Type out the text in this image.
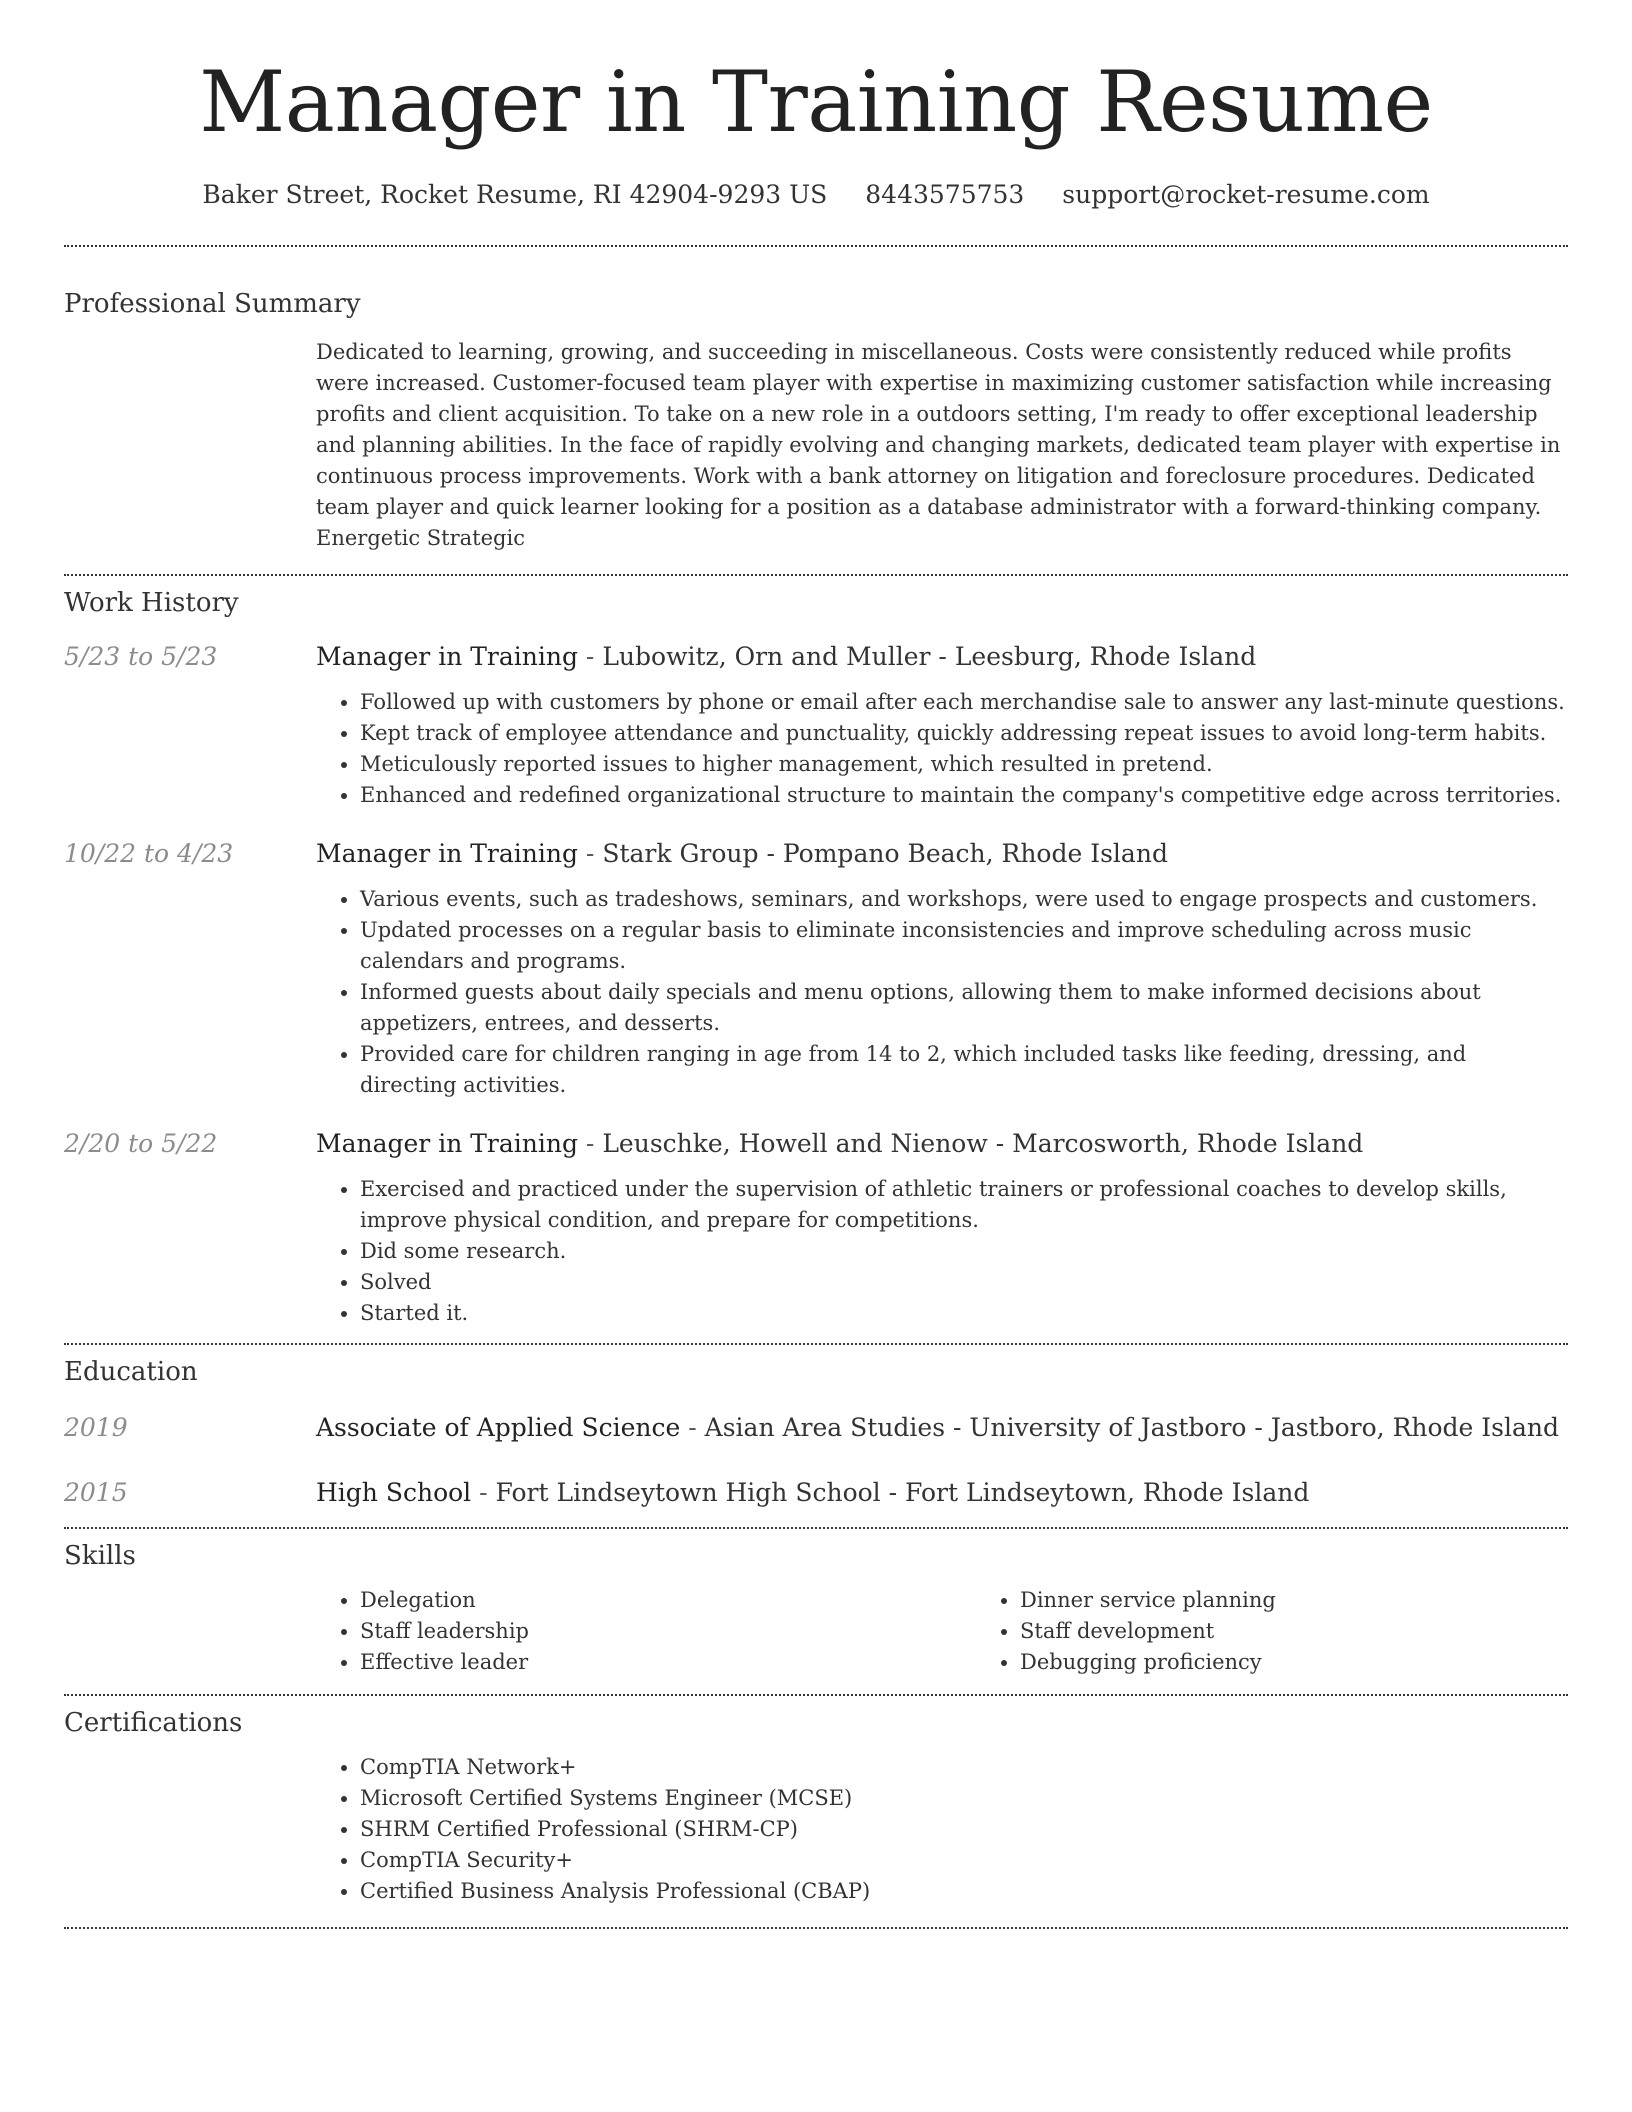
Manager in Training Resume
Baker Street, Rocket Resume, RI 42904-9293 US 8443575753 support@rocket-resume.com
Professional Summary

Dedicated to learning, growing, and succeeding in miscellaneous. Costs were consistently reduced while profits were increased. Customer-focused team player with expertise in maximizing customer satisfaction while increasing profits and client acquisition. To take on a new role in a outdoors setting, I'm ready to offer exceptional leadership and planning abilities. In the face of rapidly evolving and changing markets, dedicated team player with expertise in continuous process improvements. Work with a bank attorney on litigation and foreclosure procedures. Dedicated team player and quick learner looking for a position as a database administrator with a forward-thinking company. Energetic Strategic

Work History
5/23 to 5/23	Manager in Training - Lubowitz, Orn and Muller - Leesburg, Rhode Island
• Followed up with customers by phone or email after each merchandise sale to answer any last-minute questions.
• Kept track of employee attendance and punctuality, quickly addressing repeat issues to avoid long-term habits.
• Meticulously reported issues to higher management, which resulted in pretend.
• Enhanced and redefined organizational structure to maintain the company's competitive edge across territories.
10/22 to 4/23	Manager in Training - Stark Group - Pompano Beach, Rhode Island
• Various events, such as tradeshows, seminars, and workshops, were used to engage prospects and customers.
• Updated processes on a regular basis to eliminate inconsistencies and improve scheduling across music calendars and programs.
• Informed guests about daily specials and menu options, allowing them to make informed decisions about appetizers, entrees, and desserts.
• Provided care for children ranging in age from 14 to 2, which included tasks like feeding, dressing, and directing activities.
2/20 to 5/22	Manager in Training - Leuschke, Howell and Nienow - Marcosworth, Rhode Island
• Exercised and practiced under the supervision of athletic trainers or professional coaches to develop skills, improve physical condition, and prepare for competitions.
• Did some research.
• Solved
• Started it.
Education
2019	Associate of Applied Science - Asian Area Studies - University of Jastboro - Jastboro, Rhode Island
2015	High School - Fort Lindseytown High School - Fort Lindseytown, Rhode Island
Skills
• Delegation
• Staff leadership
• Effective leader
• Dinner service planning
• Staff development
• Debugging proficiency
Certifications
• CompTIA Network+
• Microsoft Certified Systems Engineer (MCSE)
• SHRM Certified Professional (SHRM-CP)
• CompTIA Security+
• Certified Business Analysis Professional (CBAP)
